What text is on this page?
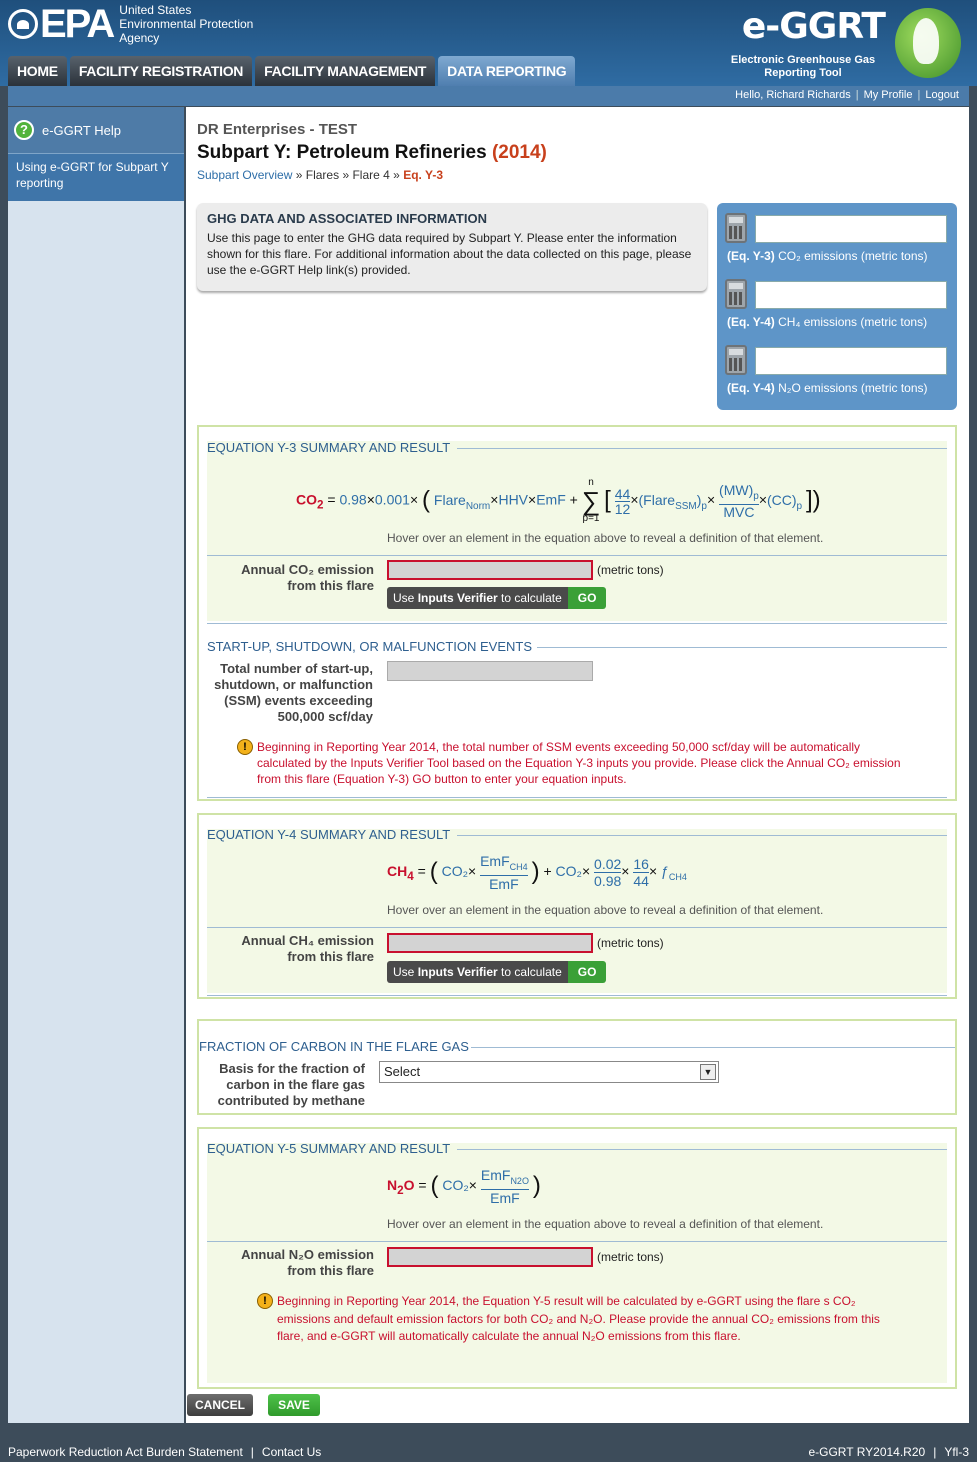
EPA United States
Environmental Protection
Agency	e-GGRT
Electronic Greenhouse Gas
Reporting Tool
HOME	FACILITY REGISTRATION	FACILITY MANAGEMENT	DATA REPORTING
Hello, Richard Richards | My Profile | Logout
?	e-GGRT Help
Using e-GGRT for Subpart Y reporting
DR Enterprises - TEST
Subpart Y: Petroleum Refineries (2014)
Subpart Overview » Flares » Flare 4 » Eq. Y-3
GHG DATA AND ASSOCIATED INFORMATION
Use this page to enter the GHG data required by Subpart Y. Please enter the information shown for this flare. For additional information about the data collected on this page, please use the e-GGRT Help link(s) provided.
(Eq. Y-3) CO₂ emissions (metric tons)
(Eq. Y-4) CH₄ emissions (metric tons)
(Eq. Y-4) N₂O emissions (metric tons)
EQUATION Y-3 SUMMARY AND RESULT
$CO_2 = 0.98\times 0.001\times$ ( Flare$_{Norm}$×HHV×EmF +
n
∑
p=1
[ $\frac{44}{12}$ $\times(Flare_{SSM})_p\times$
$(MW)_p$
MVC
$\times(CC)_p$ ])
Hover over an element in the equation above to reveal a definition of that element.
Annual CO₂ emission from this flare
(metric tons)
Use Inputs Verifier to calculate	GO
START-UP, SHUTDOWN, OR MALFUNCTION EVENTS
Total number of start-up, shutdown, or malfunction (SSM) events exceeding 500,000 scf/day
! Beginning in Reporting Year 2014, the total number of SSM events exceeding 50,000 scf/day will be automatically calculated by the Inputs Verifier Tool based on the Equation Y-3 inputs you provide. Please click the Annual CO₂ emission from this flare (Equation Y-3) GO button to enter your equation inputs.
EQUATION Y-4 SUMMARY AND RESULT
$CH_4$ = ( CO₂×
EmF$_{CH4}$
EmF ) + $CO_2\times \frac{0.02}{0.98} \times \frac{16}{44}$ × $ƒ_{CH4}$
Hover over an element in the equation above to reveal a definition of that element.
Annual CH₄ emission from this flare
(metric tons)
Use Inputs Verifier to calculate	GO
FRACTION OF CARBON IN THE FLARE GAS
Basis for the fraction of carbon in the flare gas contributed by methane
Select	▼
EQUATION Y-5 SUMMARY AND RESULT
$N_2O$ = ( CO₂×
EmF$_{N2O}$
EmF )
Hover over an element in the equation above to reveal a definition of that element.
Annual N₂O emission from this flare
(metric tons)
! Beginning in Reporting Year 2014, the Equation Y-5 result will be calculated by e-GGRT using the flare s CO₂ emissions and default emission factors for both CO₂ and N₂O. Please provide the annual CO₂ emissions from this flare, and e-GGRT will automatically calculate the annual N₂O emissions from this flare.
CANCEL	SAVE
Paperwork Reduction Act Burden Statement | Contact Us	e-GGRT RY2014.R20 | Yfl-3
